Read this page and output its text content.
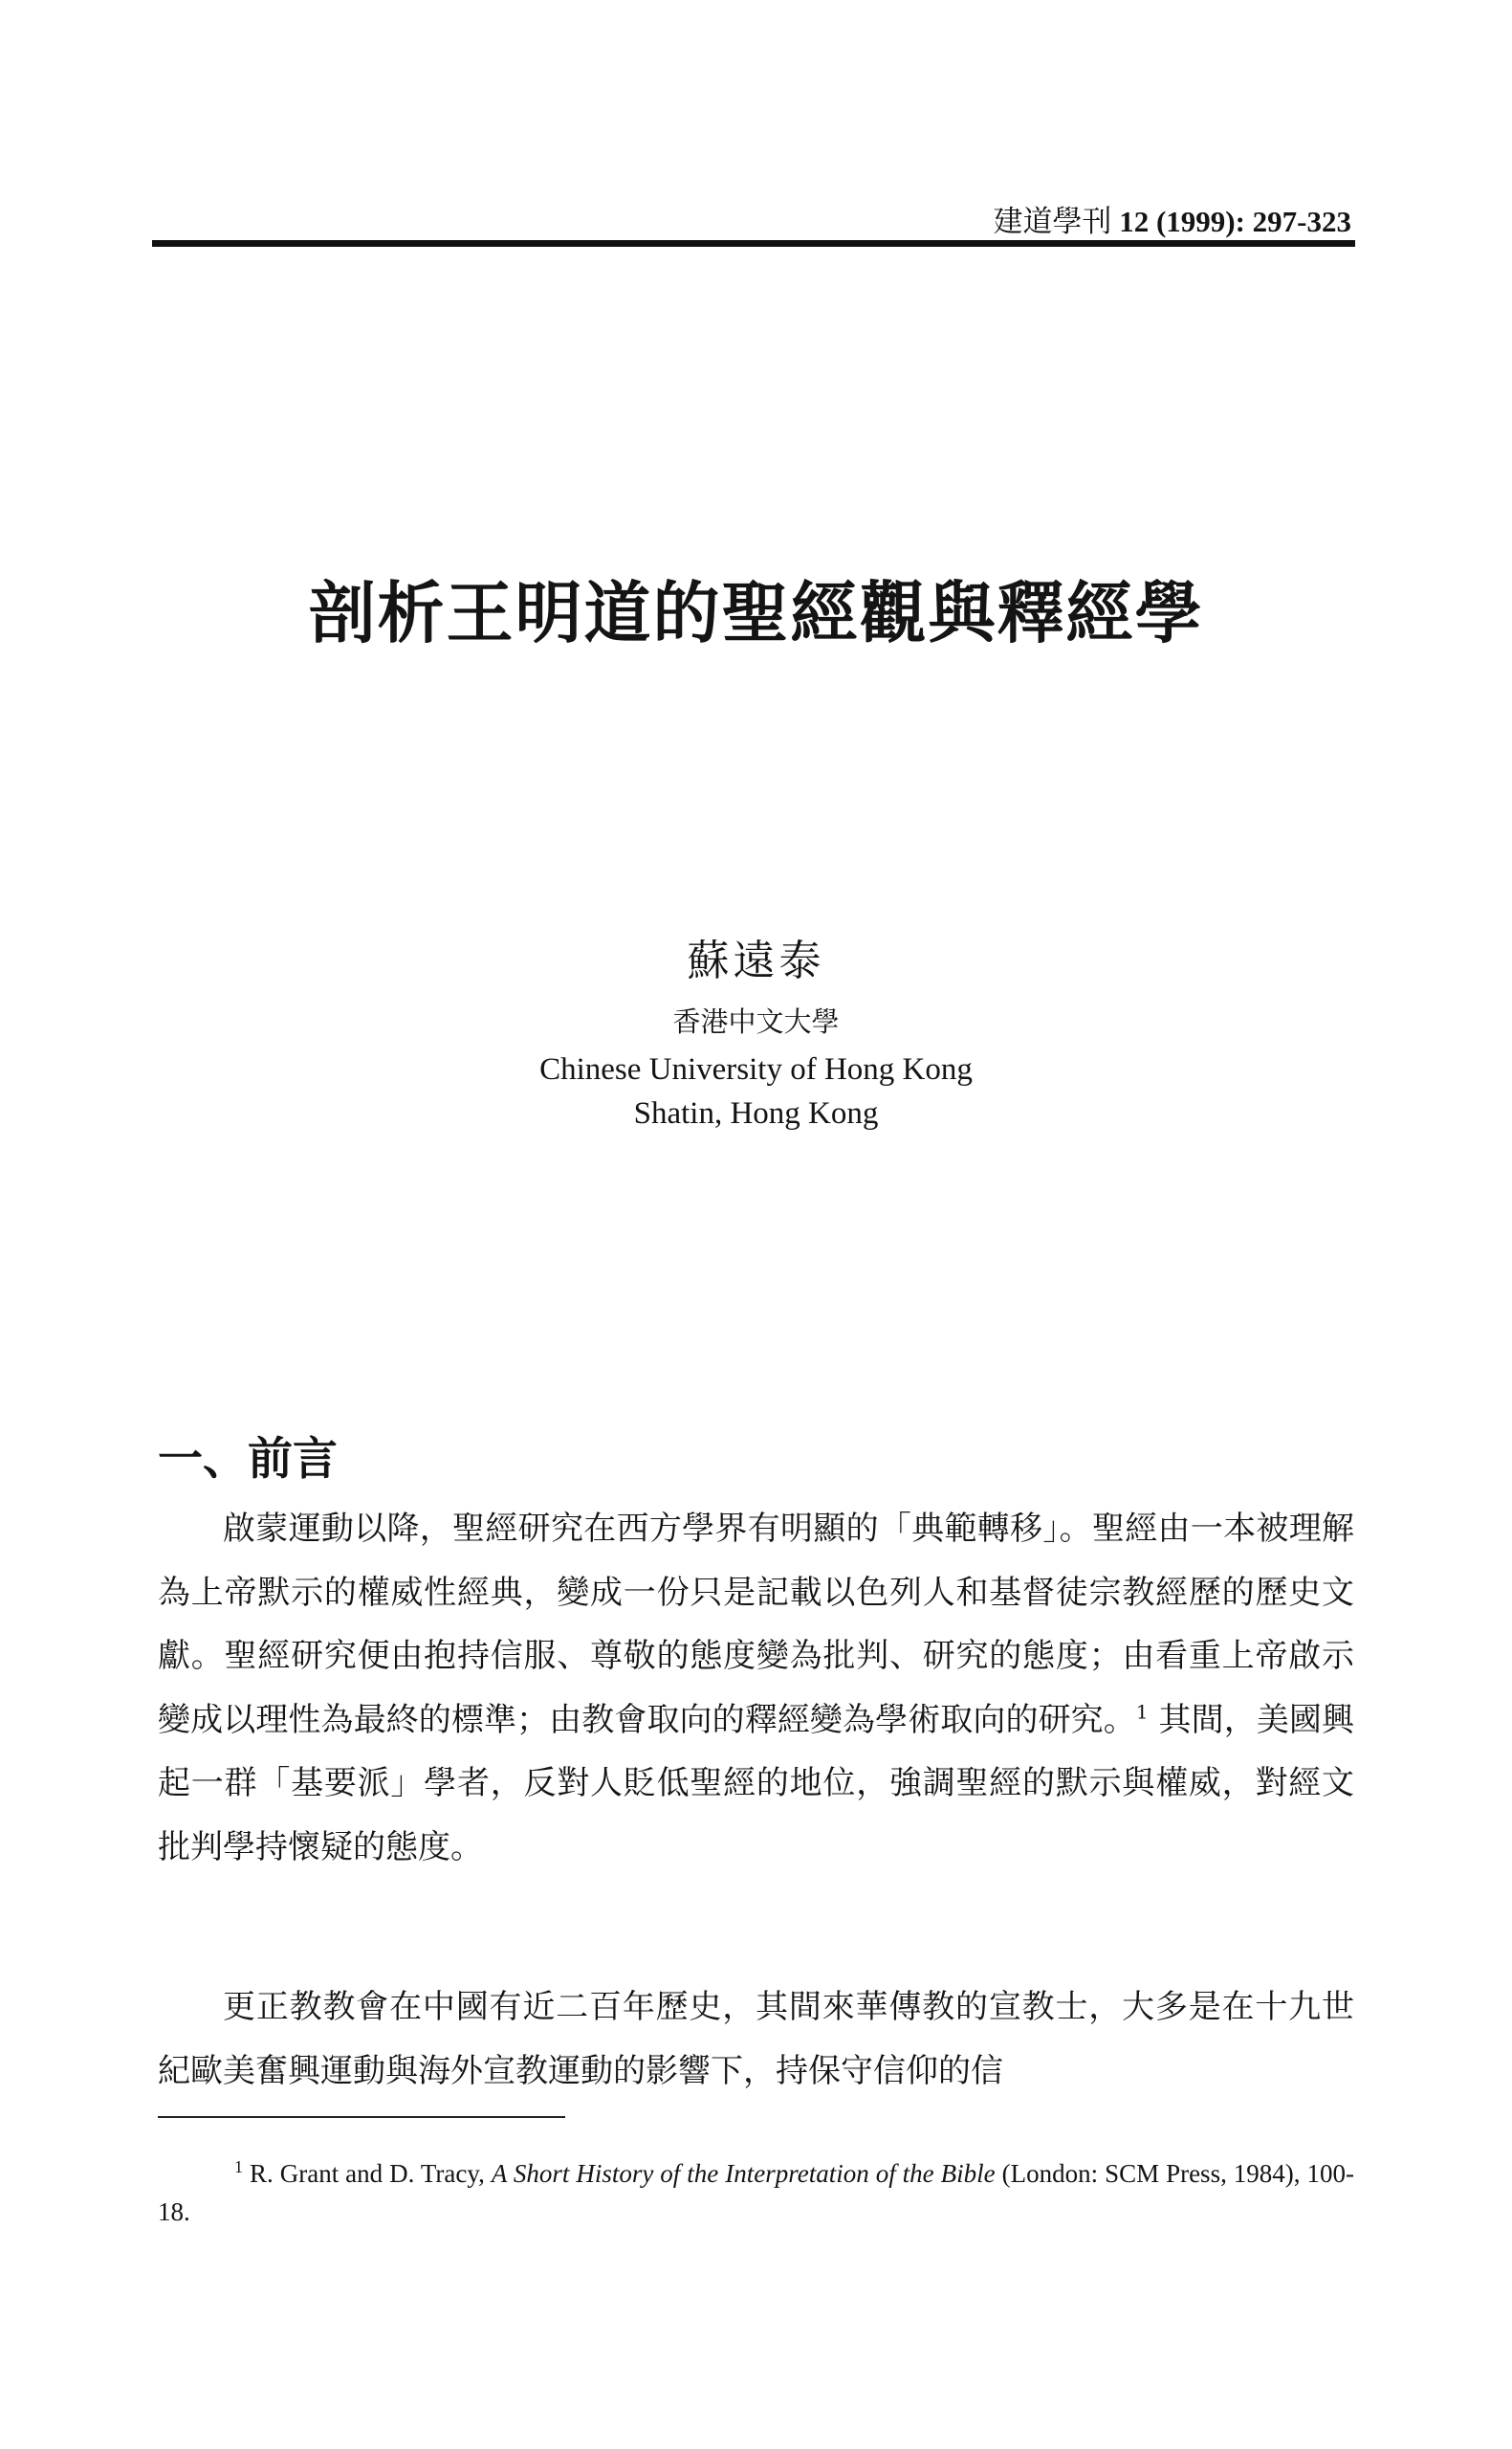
建道學刊 12 (1999): 297-323
剖析王明道的聖經觀與釋經學
蘇遠泰
香港中文大學
Chinese University of Hong Kong
Shatin, Hong Kong
一、前言

啟蒙運動以降，聖經研究在西方學界有明顯的「典範轉移」。聖經由一本被理解為上帝默示的權威性經典，變成一份只是記載以色列人和基督徒宗教經歷的歷史文獻。聖經研究便由抱持信服、尊敬的態度變為批判、研究的態度；由看重上帝啟示變成以理性為最終的標準；由教會取向的釋經變為學術取向的研究。$^1$ 其間，美國興起一群「基要派」學者，反對人貶低聖經的地位，強調聖經的默示與權威，對經文批判學持懷疑的態度。

更正教教會在中國有近二百年歷史，其間來華傳教的宣教士，大多是在十九世紀歐美奮興運動與海外宣教運動的影響下，持保守信仰的信

$^1$ R. Grant and D. Tracy, A Short History of the Interpretation of the Bible (London: SCM Press, 1984), 100-18.
